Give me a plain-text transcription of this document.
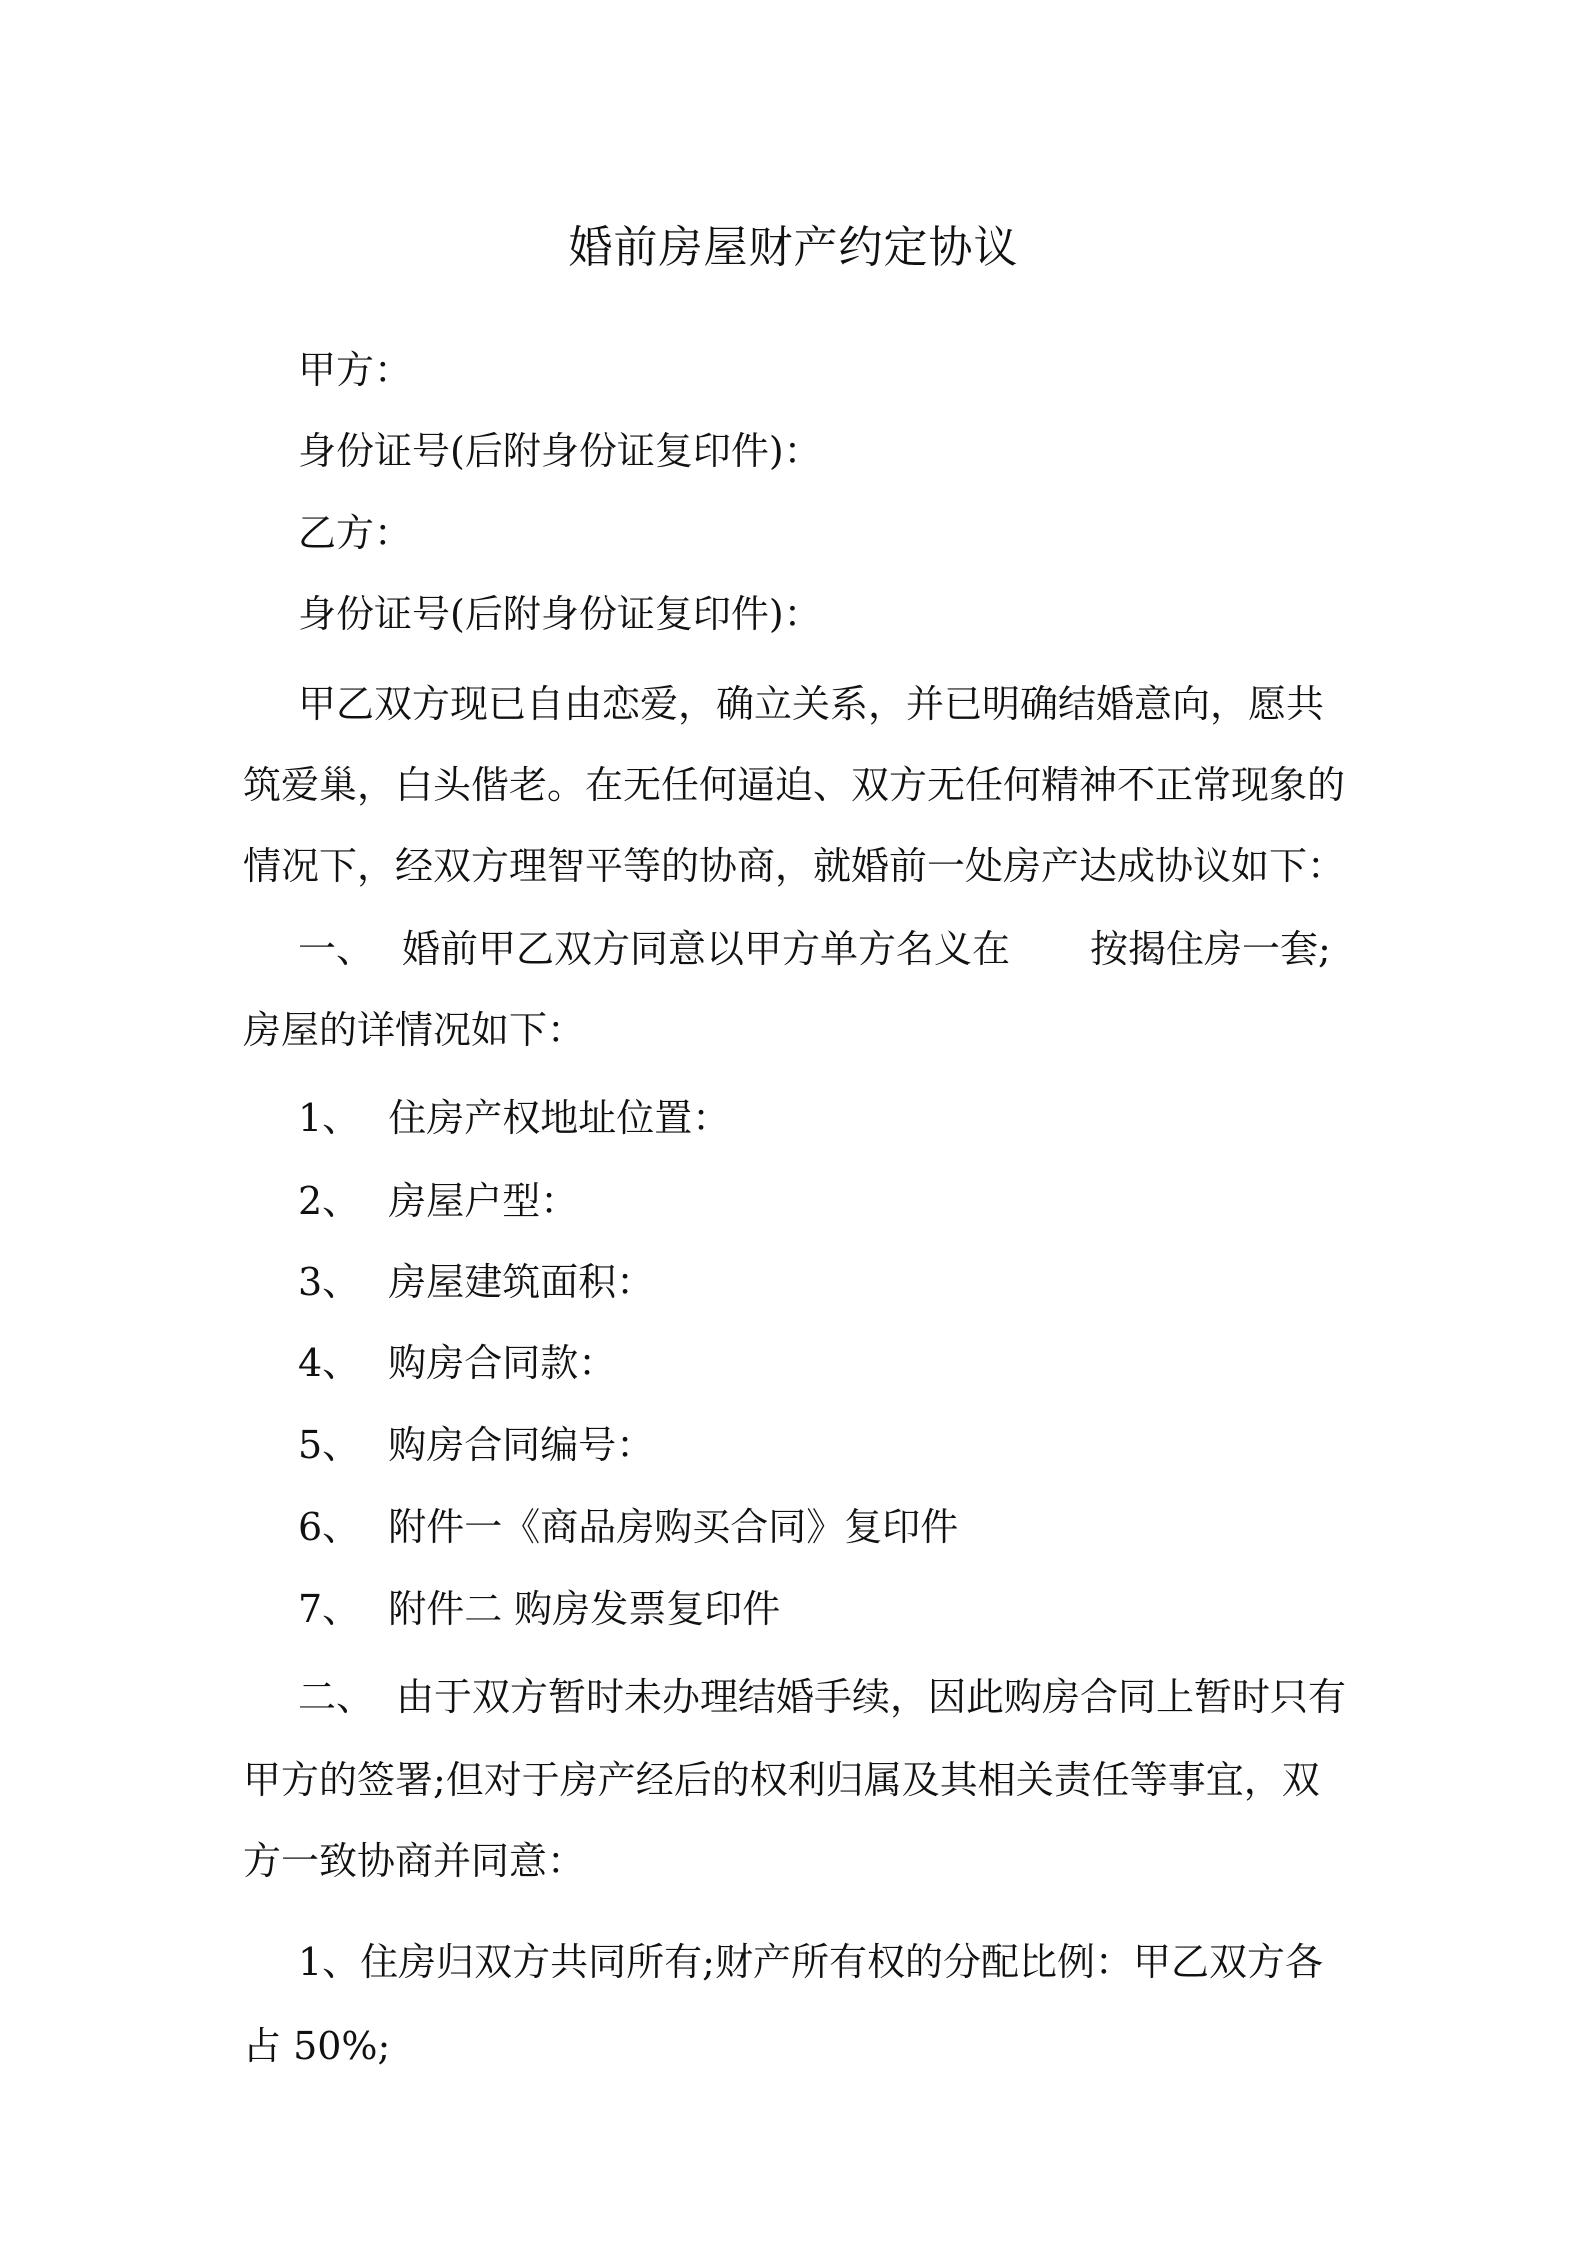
婚前房屋财产约定协议
甲方：
身份证号(后附身份证复印件)：
乙方：
身份证号(后附身份证复印件)：
甲乙双方现已自由恋爱，确立关系，并已明确结婚意向，愿共
筑爱巢，白头偕老。在无任何逼迫、双方无任何精神不正常现象的
情况下，经双方理智平等的协商，就婚前一处房产达成协议如下：
一、 婚前甲乙双方同意以甲方单方名义在 按揭住房一套;
房屋的详情况如下：
1、 住房产权地址位置：
2、 房屋户型：
3、 房屋建筑面积：
4、 购房合同款：
5、 购房合同编号：
6、 附件一《商品房购买合同》复印件
7、 附件二 购房发票复印件
二、 由于双方暂时未办理结婚手续，因此购房合同上暂时只有
甲方的签署;但对于房产经后的权利归属及其相关责任等事宜，双
方一致协商并同意：
1、住房归双方共同所有;财产所有权的分配比例：甲乙双方各
占 50%;
